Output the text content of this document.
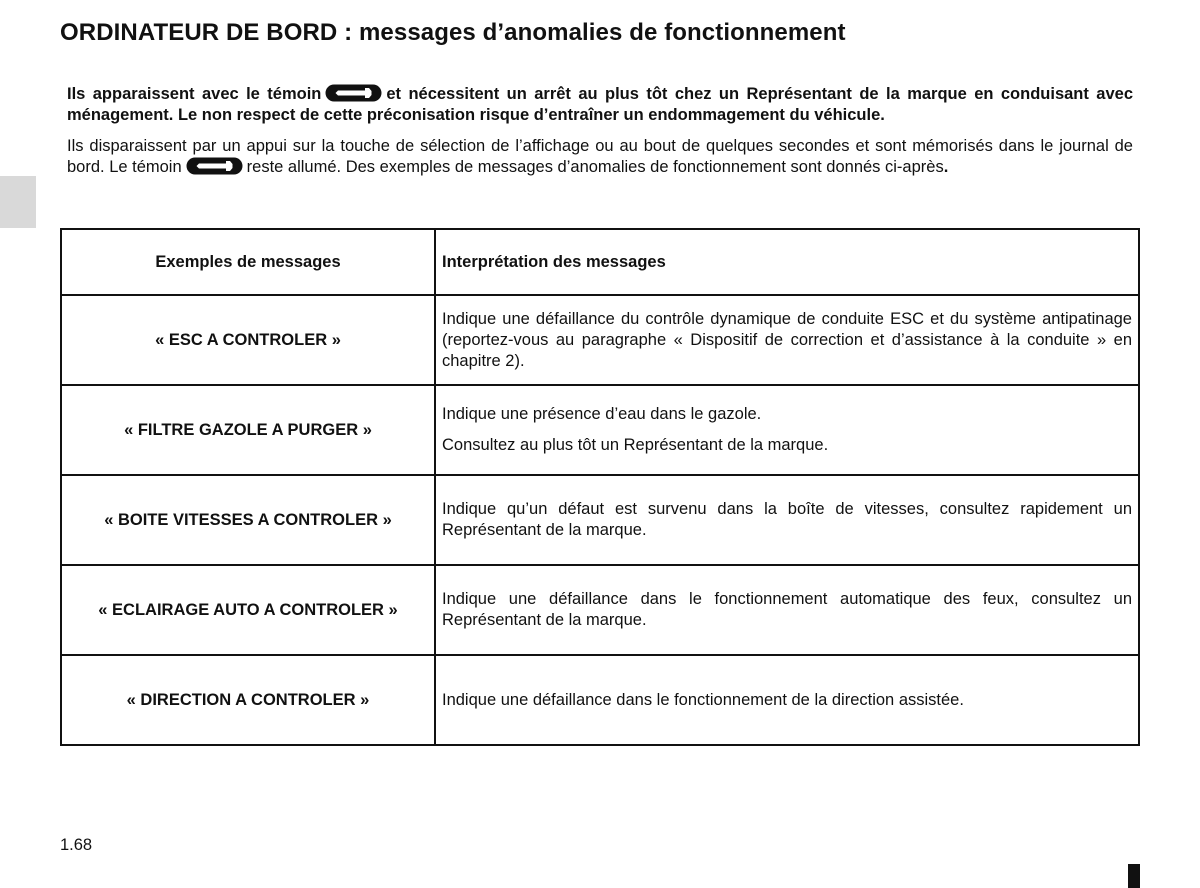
ORDINATEUR DE BORD : messages d’anomalies de fonctionnement

Ils apparaissent avec le témoin	et nécessitent un arrêt au plus tôt chez un Représentant de la marque en conduisant avec ménagement. Le non respect de cette préconisation risque d’entraîner un endommagement du véhicule.

Ils disparaissent par un appui sur la touche de sélection de l’affichage ou au bout de quelques secondes et sont mémorisés dans le journal de bord. Le témoin	reste allumé. Des exemples de messages d’anomalies de fonctionnement sont donnés ci-après.

Exemples de messages	Interprétation des messages
« ESC A CONTROLER »	Indique une défaillance du contrôle dynamique de conduite ESC et du système antipatinage (reportez-vous au paragraphe « Dispositif de correction et d’assistance à la conduite » en chapitre 2).

« FILTRE GAZOLE A PURGER »	Indique une présence d’eau dans le gazole.
Consultez au plus tôt un Représentant de la marque.

« BOITE VITESSES A CONTROLER »	Indique qu’un défaut est survenu dans la boîte de vitesses, consultez rapidement un Représentant de la marque.

« ECLAIRAGE AUTO A CONTROLER »	Indique une défaillance dans le fonctionnement automatique des feux, consultez un Représentant de la marque.

« DIRECTION A CONTROLER »	Indique une défaillance dans le fonctionnement de la direction assistée.
1.68
